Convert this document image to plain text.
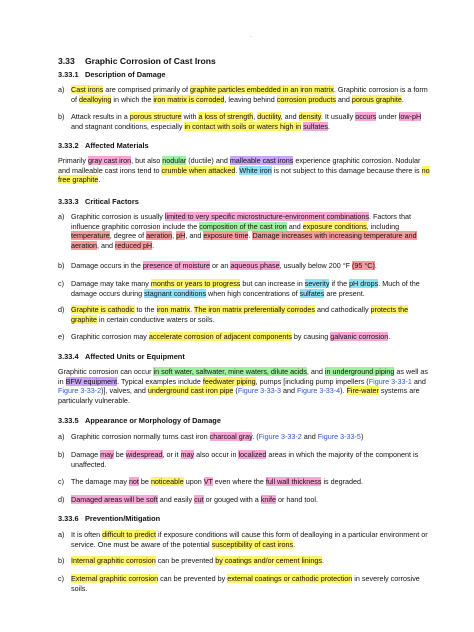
·
3.33 Graphic Corrosion of Cast Irons
3.33.1 Description of Damage
a) Cast irons are comprised primarily of graphite particles embedded in an iron matrix. Graphitic corrosion is a form of dealloying in which the iron matrix is corroded, leaving behind corrosion products and porous graphite.
b) Attack results in a porous structure with a loss of strength, ductility, and density. It usually occurs under low-pH and stagnant conditions, especially in contact with soils or waters high in sulfates.
3.33.2 Affected Materials
Primarily gray cast iron, but also nodular (ductile) and malleable cast irons experience graphitic corrosion. Nodular and malleable cast irons tend to crumble when attacked. White iron is not subject to this damage because there is no free graphite.
3.33.3 Critical Factors
a) Graphitic corrosion is usually limited to very specific microstructure-environment combinations. Factors that influence graphitic corrosion include the composition of the cast iron and exposure conditions, including temperature, degree of aeration, pH, and exposure time. Damage increases with increasing temperature and aeration, and reduced pH.
b) Damage occurs in the presence of moisture or an aqueous phase, usually below 200 °F (95 °C).
c) Damage may take many months or years to progress but can increase in severity if the pH drops. Much of the damage occurs during stagnant conditions when high concentrations of sulfates are present.
d) Graphite is cathodic to the iron matrix. The iron matrix preferentially corrodes and cathodically protects the graphite in certain conductive waters or soils.
e) Graphitic corrosion may accelerate corrosion of adjacent components by causing galvanic corrosion.
3.33.4 Affected Units or Equipment
Graphitic corrosion can occur in soft water, saltwater, mine waters, dilute acids, and in underground piping as well as in BFW equipment. Typical examples include feedwater piping, pumps [including pump impellers (Figure 3-33-1 and Figure 3-33-2)], valves, and underground cast iron pipe (Figure 3-33-3 and Figure 3-33-4). Fire-water systems are particularly vulnerable.
3.33.5 Appearance or Morphology of Damage
a) Graphitic corrosion normally turns cast iron charcoal gray. (Figure 3-33-2 and Figure 3-33-5)
b) Damage may be widespread, or it may also occur in localized areas in which the majority of the component is unaffected.
c) The damage may not be noticeable upon VT even where the full wall thickness is degraded.
d) Damaged areas will be soft and easily cut or gouged with a knife or hand tool.
3.33.6 Prevention/Mitigation
a) It is often difficult to predict if exposure conditions will cause this form of dealloying in a particular environment or service. One must be aware of the potential susceptibility of cast irons.
b) Internal graphitic corrosion can be prevented by coatings and/or cement linings.
c) External graphitic corrosion can be prevented by external coatings or cathodic protection in severely corrosive soils.
